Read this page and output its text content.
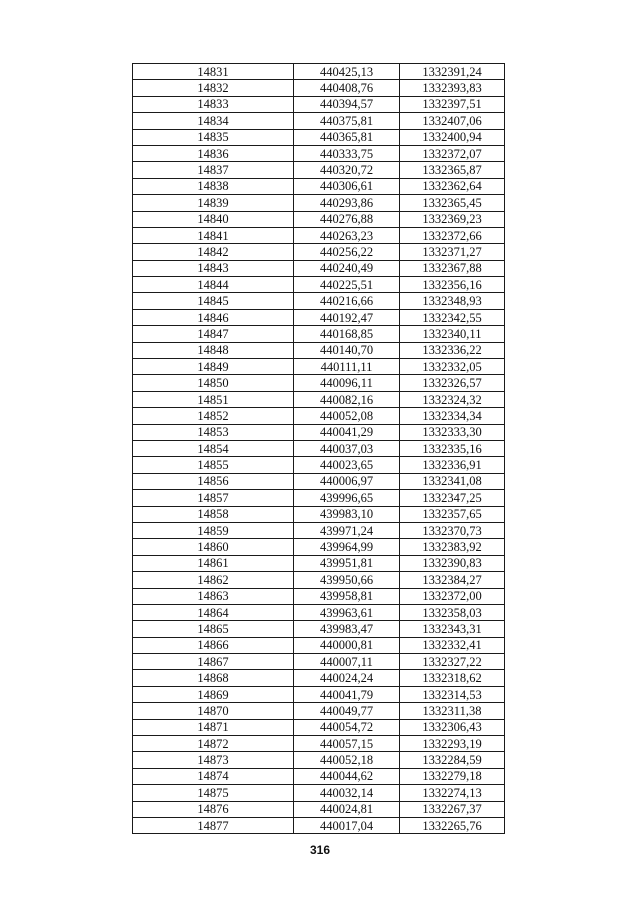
14831	440425,13	1332391,24
14832	440408,76	1332393,83
14833	440394,57	1332397,51
14834	440375,81	1332407,06
14835	440365,81	1332400,94
14836	440333,75	1332372,07
14837	440320,72	1332365,87
14838	440306,61	1332362,64
14839	440293,86	1332365,45
14840	440276,88	1332369,23
14841	440263,23	1332372,66
14842	440256,22	1332371,27
14843	440240,49	1332367,88
14844	440225,51	1332356,16
14845	440216,66	1332348,93
14846	440192,47	1332342,55
14847	440168,85	1332340,11
14848	440140,70	1332336,22
14849	440111,11	1332332,05
14850	440096,11	1332326,57
14851	440082,16	1332324,32
14852	440052,08	1332334,34
14853	440041,29	1332333,30
14854	440037,03	1332335,16
14855	440023,65	1332336,91
14856	440006,97	1332341,08
14857	439996,65	1332347,25
14858	439983,10	1332357,65
14859	439971,24	1332370,73
14860	439964,99	1332383,92
14861	439951,81	1332390,83
14862	439950,66	1332384,27
14863	439958,81	1332372,00
14864	439963,61	1332358,03
14865	439983,47	1332343,31
14866	440000,81	1332332,41
14867	440007,11	1332327,22
14868	440024,24	1332318,62
14869	440041,79	1332314,53
14870	440049,77	1332311,38
14871	440054,72	1332306,43
14872	440057,15	1332293,19
14873	440052,18	1332284,59
14874	440044,62	1332279,18
14875	440032,14	1332274,13
14876	440024,81	1332267,37
14877	440017,04	1332265,76
316
